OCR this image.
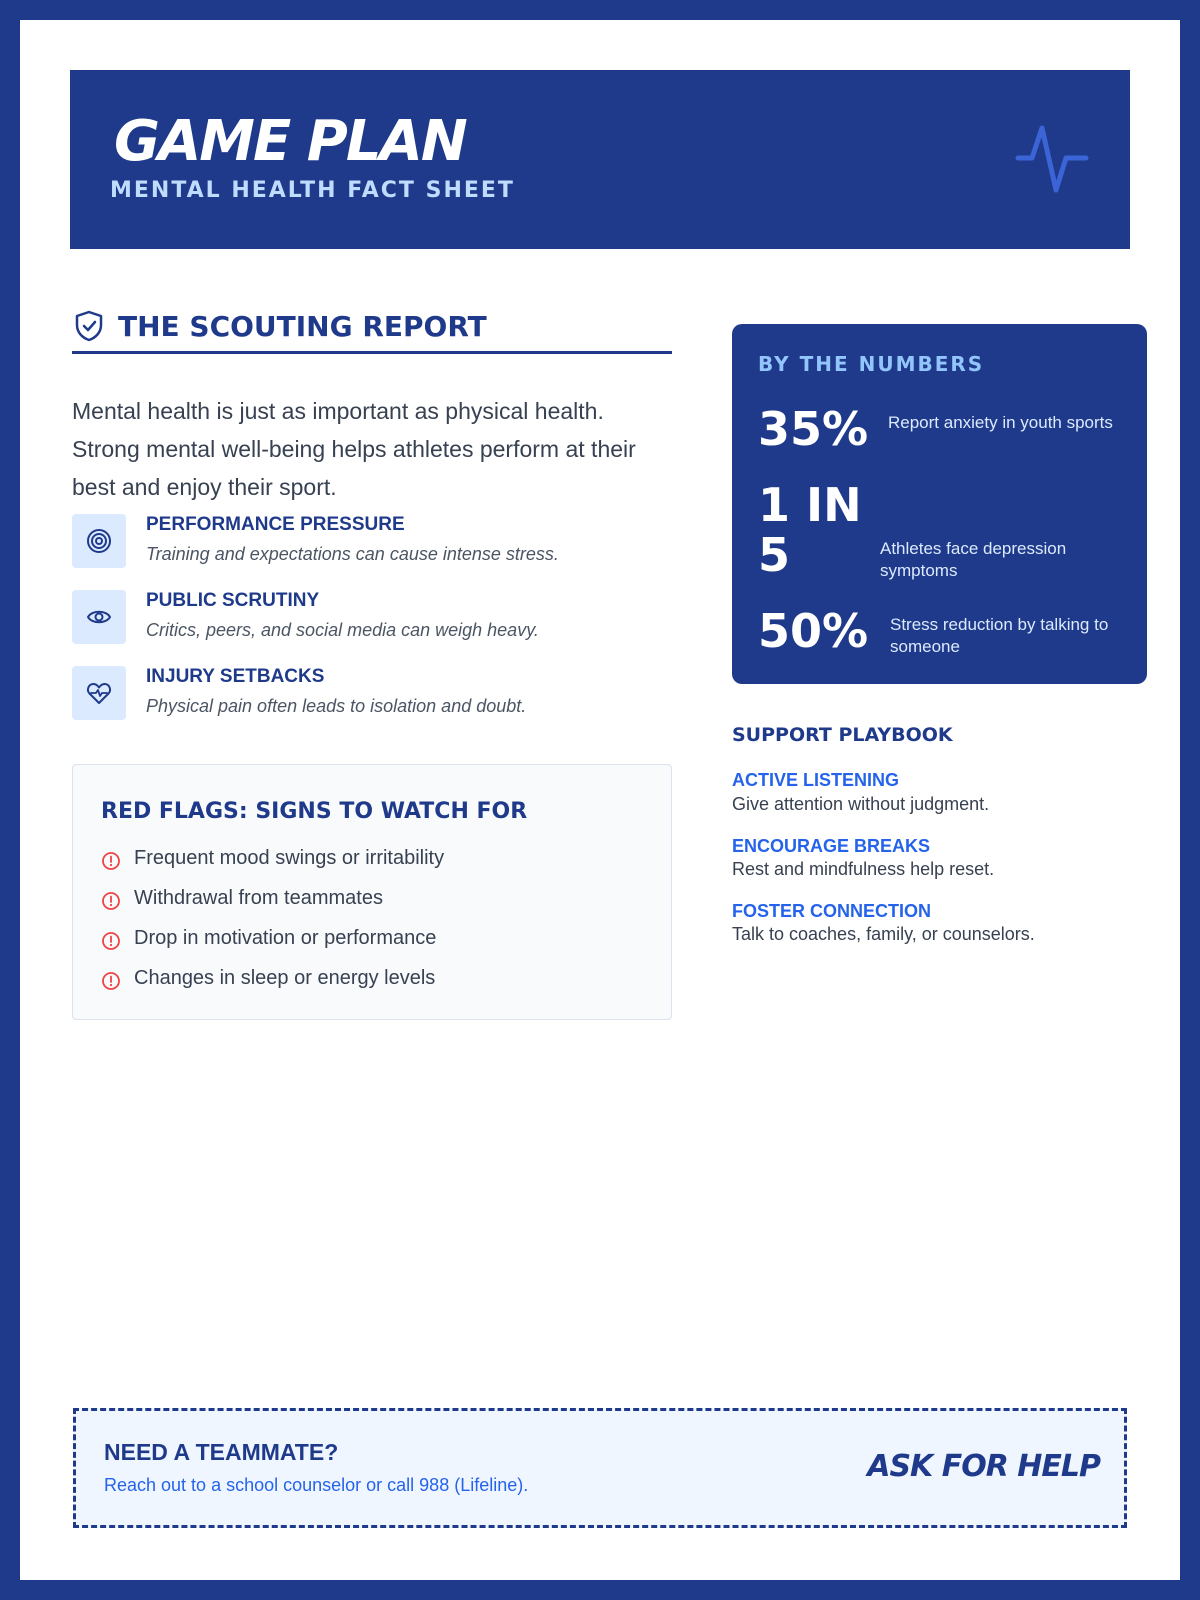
GAME PLAN
MENTAL HEALTH FACT SHEET
THE SCOUTING REPORT

Mental health is just as important as physical health. Strong mental well-being helps athletes perform at their best and enjoy their sport.

PERFORMANCE PRESSURE
Training and expectations can cause intense stress.
PUBLIC SCRUTINY
Critics, peers, and social media can weigh heavy.
INJURY SETBACKS
Physical pain often leads to isolation and doubt.
RED FLAGS: SIGNS TO WATCH FOR
Frequent mood swings or irritability
Withdrawal from teammates
Drop in motivation or performance
Changes in sleep or energy levels
BY THE NUMBERS
35% Report anxiety in youth sports
1 IN 5	Athletes face depression symptoms
50% Stress reduction by talking to someone
SUPPORT PLAYBOOK
ACTIVE LISTENING
Give attention without judgment.
ENCOURAGE BREAKS
Rest and mindfulness help reset.
FOSTER CONNECTION
Talk to coaches, family, or counselors.
NEED A TEAMMATE?
Reach out to a school counselor or call 988 (Lifeline).
ASK FOR HELP
